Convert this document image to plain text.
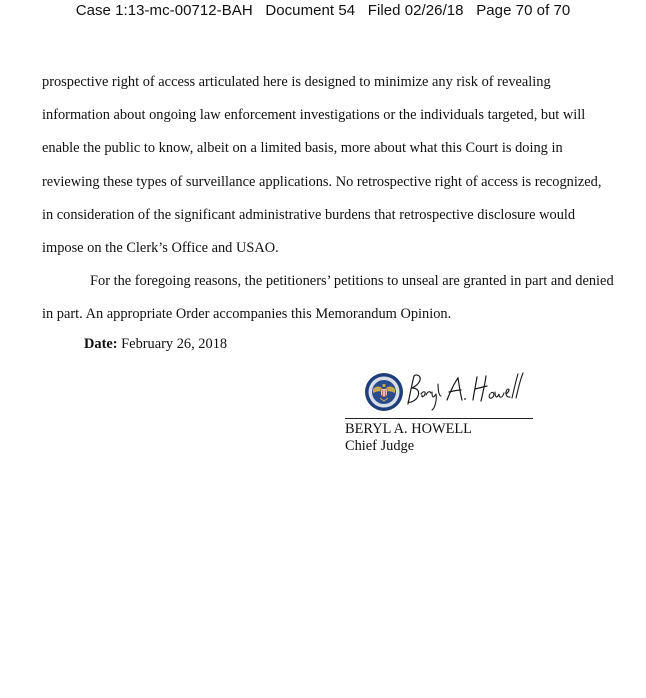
Case 1:13-mc-00712-BAH Document 54 Filed 02/26/18 Page 70 of 70

prospective right of access articulated here is designed to minimize any risk of revealing information about ongoing law enforcement investigations or the individuals targeted, but will enable the public to know, albeit on a limited basis, more about what this Court is doing in reviewing these types of surveillance applications. No retrospective right of access is recognized, in consideration of the significant administrative burdens that retrospective disclosure would impose on the Clerk’s Office and USAO.

For the foregoing reasons, the petitioners’ petitions to unseal are granted in part and denied in part. An appropriate Order accompanies this Memorandum Opinion.

Date: February 26, 2018
BERYL A. HOWELL
Chief Judge
